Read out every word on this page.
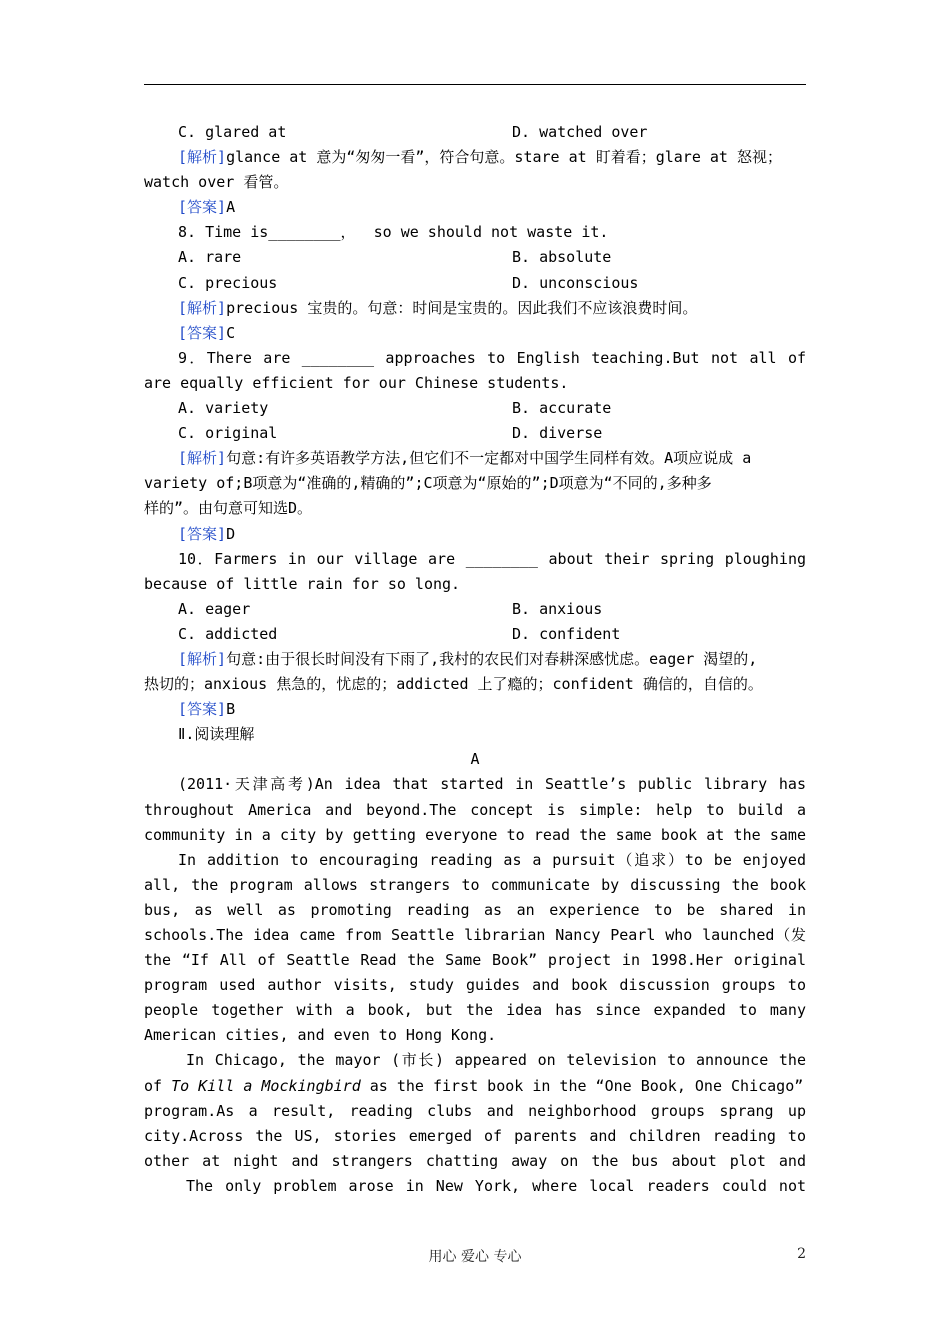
C. glared at	D. watched over
[解析]glance at 意为“匆匆一看”，符合句意。stare at 盯着看；glare at 怒视；
watch over 看管。
[答案]A
8. Time is________，  so we should not waste it.
A. rare	B. absolute
C. precious	D. unconscious
[解析]precious 宝贵的。句意：时间是宝贵的。因此我们不应该浪费时间。
[答案]C
9．There are ________ approaches to English teaching.But not all of
are equally efficient for our Chinese students.
A. variety	B. accurate
C. original	D. diverse
[解析]句意:有许多英语教学方法,但它们不一定都对中国学生同样有效。A项应说成 a
variety of;B项意为“准确的,精确的”;C项意为“原始的”;D项意为“不同的,多种多
样的”。由句意可知选D。
[答案]D
10．Farmers in our village are ________ about their spring ploughing
because of little rain for so long.
A. eager	B. anxious
C. addicted	D. confident
[解析]句意:由于很长时间没有下雨了,我村的农民们对春耕深感忧虑。eager 渴望的,
热切的；anxious 焦急的，忧虑的；addicted 上了瘾的；confident 确信的，自信的。
[答案]B
Ⅱ.阅读理解
A
(2011·天津高考)An idea that started in Seattle’s public library has
throughout America and beyond.The concept is simple: help to build a
community in a city by getting everyone to read the same book at the same
In addition to encouraging reading as a pursuit（追求）to be enjoyed
all, the program allows strangers to communicate by discussing the book
bus, as well as promoting reading as an experience to be shared in
schools.The idea came from Seattle librarian Nancy Pearl who launched（发
the “If All of Seattle Read the Same Book” project in 1998.Her original
program used author visits, study guides and book discussion groups to
people together with a book, but the idea has since expanded to many
American cities, and even to Hong Kong.
In Chicago, the mayor (市长) appeared on television to announce the
of To Kill a Mockingbird as the first book in the “One Book, One Chicago”
program.As a result, reading clubs and neighborhood groups sprang up
city.Across the US, stories emerged of parents and children reading to
other at night and strangers chatting away on the bus about plot and
The only problem arose in New York, where local readers could not
用心 爱心 专心	2
